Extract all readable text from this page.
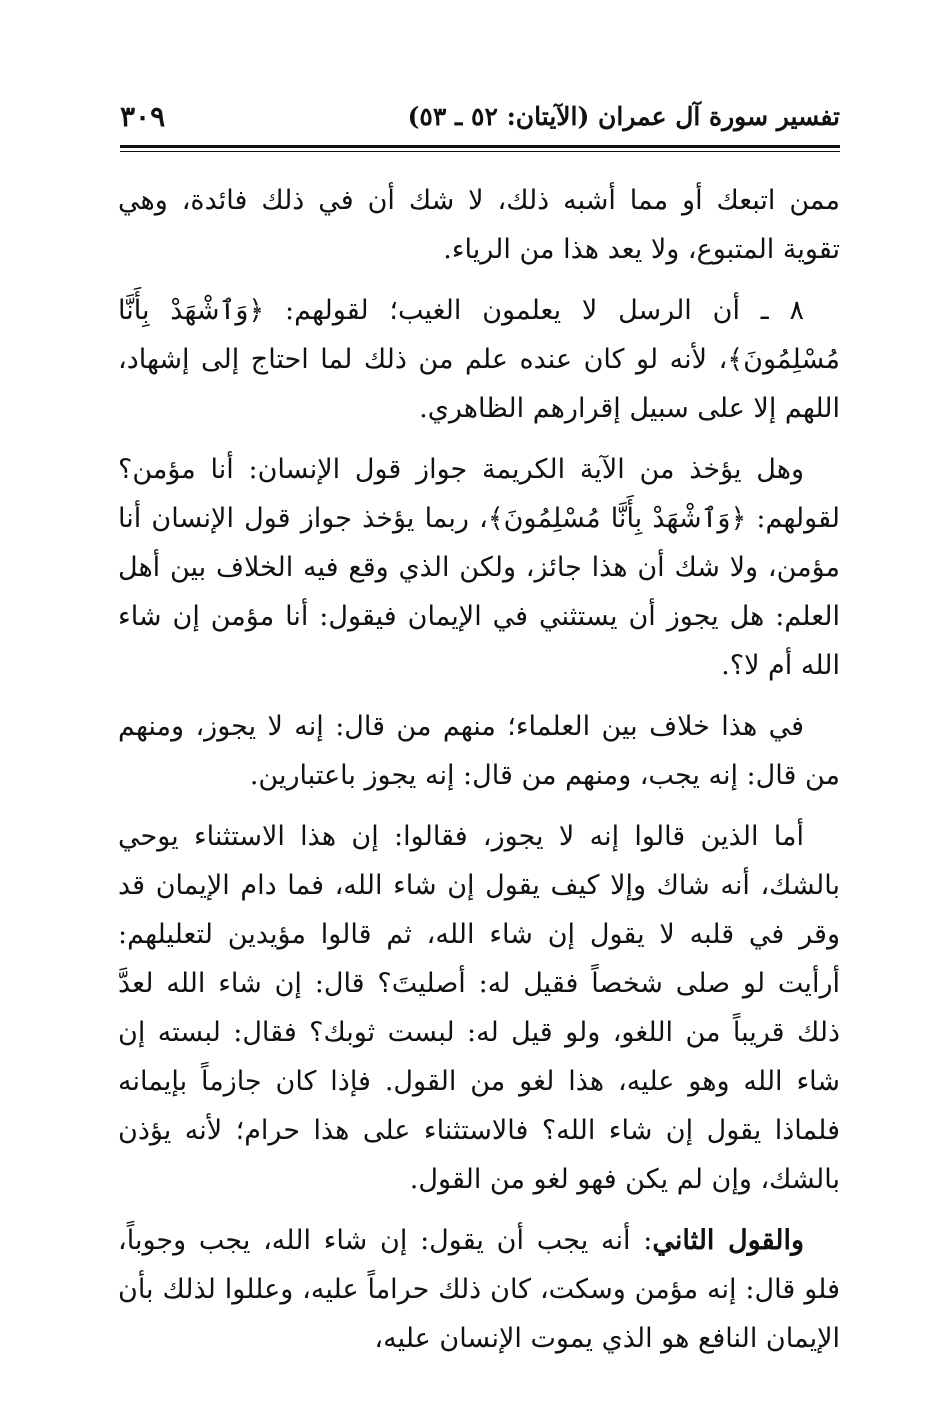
تفسير سورة آل عمران (الآيتان: ٥٢ ـ ٥٣)
٣٠٩

ممن اتبعك أو مما أشبه ذلك، لا شك أن في ذلك فائدة، وهي تقوية المتبوع، ولا يعد هذا من الرياء.

٨ ـ أن الرسل لا يعلمون الغيب؛ لقولهم: ﴿وَٱشْهَدْ بِأَنَّا مُسْلِمُونَ﴾، لأنه لو كان عنده علم من ذلك لما احتاج إلى إشهاد، اللهم إلا على سبيل إقرارهم الظاهري.

وهل يؤخذ من الآية الكريمة جواز قول الإنسان: أنا مؤمن؟ لقولهم: ﴿وَٱشْهَدْ بِأَنَّا مُسْلِمُونَ﴾، ربما يؤخذ جواز قول الإنسان أنا مؤمن، ولا شك أن هذا جائز، ولكن الذي وقع فيه الخلاف بين أهل العلم: هل يجوز أن يستثني في الإيمان فيقول: أنا مؤمن إن شاء الله أم لا؟.

في هذا خلاف بين العلماء؛ منهم من قال: إنه لا يجوز، ومنهم من قال: إنه يجب، ومنهم من قال: إنه يجوز باعتبارين.

أما الذين قالوا إنه لا يجوز، فقالوا: إن هذا الاستثناء يوحي بالشك، أنه شاك وإلا كيف يقول إن شاء الله، فما دام الإيمان قد وقر في قلبه لا يقول إن شاء الله، ثم قالوا مؤيدين لتعليلهم: أرأيت لو صلى شخصاً فقيل له: أصليتَ؟ قال: إن شاء الله لعدَّ ذلك قريباً من اللغو، ولو قيل له: لبست ثوبك؟ فقال: لبسته إن شاء الله وهو عليه، هذا لغو من القول. فإذا كان جازماً بإيمانه فلماذا يقول إن شاء الله؟ فالاستثناء على هذا حرام؛ لأنه يؤذن بالشك، وإن لم يكن فهو لغو من القول.

والقول الثاني: أنه يجب أن يقول: إن شاء الله، يجب وجوباً، فلو قال: إنه مؤمن وسكت، كان ذلك حراماً عليه، وعللوا لذلك بأن الإيمان النافع هو الذي يموت الإنسان عليه،
